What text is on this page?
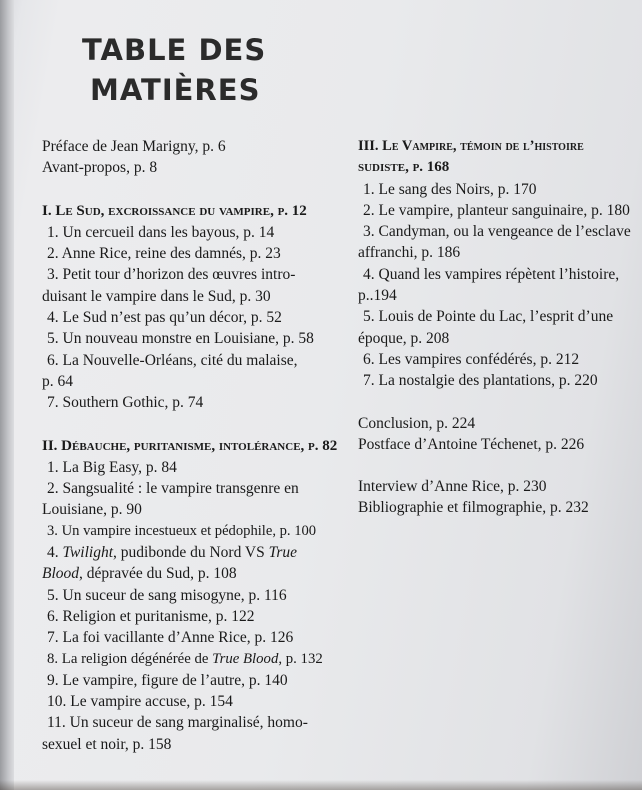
TABLE DES
MATIÈRES
Préface de Jean Marigny, p. 6
Avant-propos, p. 8
I. Le Sud, excroissance du vampire, p. 12
1. Un cercueil dans les bayous, p. 14
2. Anne Rice, reine des damnés, p. 23
3. Petit tour d’horizon des œuvres intro-
duisant le vampire dans le Sud, p. 30
4. Le Sud n’est pas qu’un décor, p. 52
5. Un nouveau monstre en Louisiane, p. 58
6. La Nouvelle-Orléans, cité du malaise,
p. 64
7. Southern Gothic, p. 74
II. Débauche, puritanisme, intolérance, p. 82
1. La Big Easy, p. 84
2. Sangsualité : le vampire transgenre en
Louisiane, p. 90
3. Un vampire incestueux et pédophile, p. 100
4. Twilight, pudibonde du Nord VS True
Blood, dépravée du Sud, p. 108
5. Un suceur de sang misogyne, p. 116
6. Religion et puritanisme, p. 122
7. La foi vacillante d’Anne Rice, p. 126
8. La religion dégénérée de True Blood, p. 132
9. Le vampire, figure de l’autre, p. 140
10. Le vampire accuse, p. 154
11. Un suceur de sang marginalisé, homo-
sexuel et noir, p. 158
III. Le Vampire, témoin de l’histoire
sudiste, p. 168
1. Le sang des Noirs, p. 170
2. Le vampire, planteur sanguinaire, p. 180
3. Candyman, ou la vengeance de l’esclave
affranchi, p. 186
4. Quand les vampires répètent l’histoire,
p..194
5. Louis de Pointe du Lac, l’esprit d’une
époque, p. 208
6. Les vampires confédérés, p. 212
7. La nostalgie des plantations, p. 220
Conclusion, p. 224
Postface d’Antoine Téchenet, p. 226
Interview d’Anne Rice, p. 230
Bibliographie et filmographie, p. 232
